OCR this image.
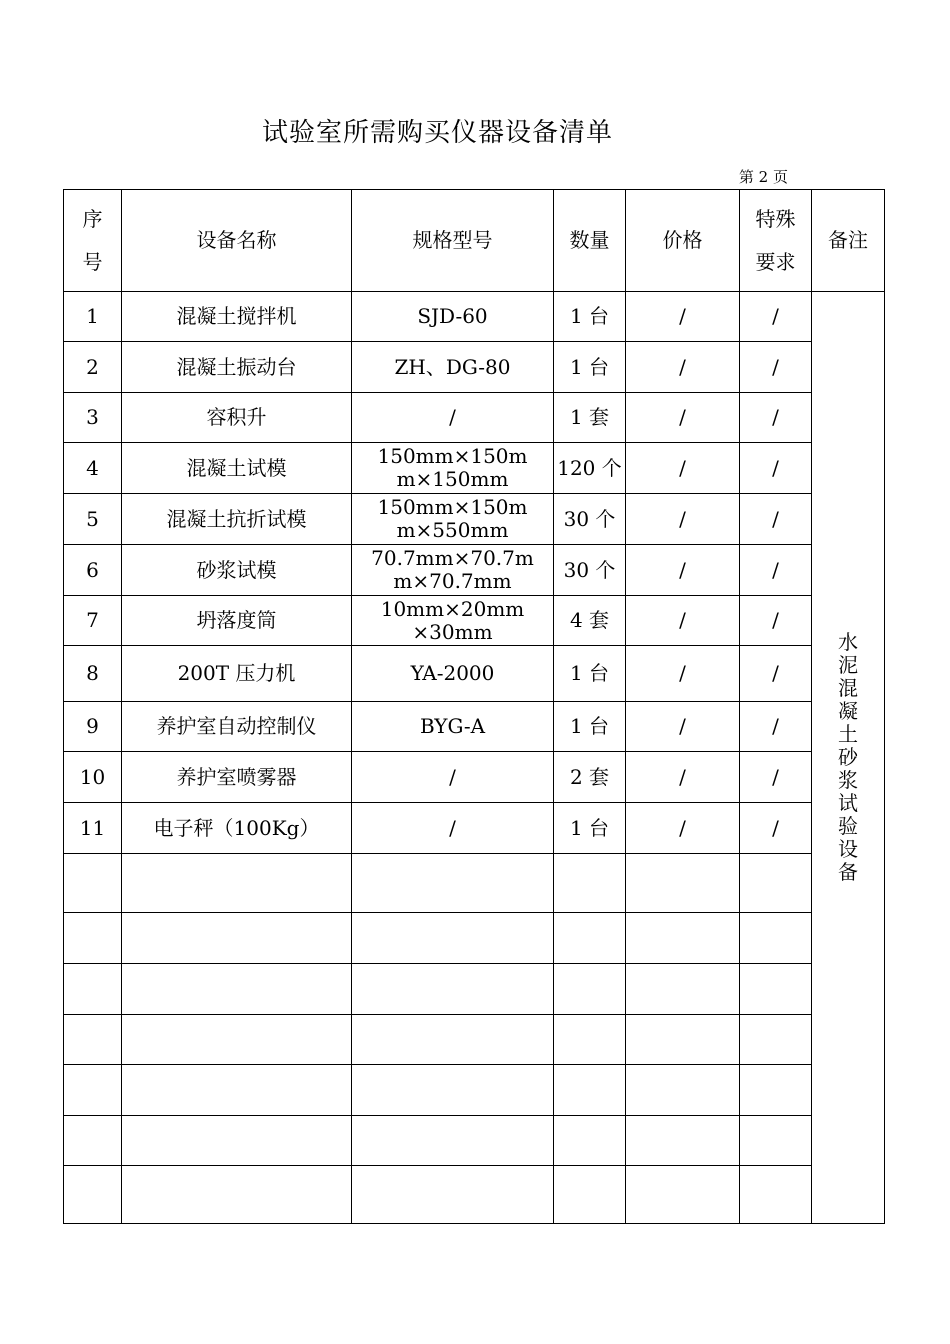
试验室所需购买仪器设备清单
第 2 页
序号	设备名称	规格型号	数量	价格	特殊要求	备注
1	混凝土搅拌机	SJD-60	1 台	/	/	水泥混凝土砂浆试验设备

2	混凝土振动台	ZH、DG-80	1 台	/	/	
3	容积升	/	1 套	/	/	
4	混凝土试模	150mm×150mm×150mm	120 个	/	/	
5	混凝土抗折试模	150mm×150mm×550mm	30 个	/	/	
6	砂浆试模	70.7mm×70.7mm×70.7mm	30 个	/	/	
7	坍落度筒	10mm×20mm×30mm	4 套	/	/	
8	200T 压力机	YA-2000	1 台	/	/	
9	养护室自动控制仪	BYG-A	1 台	/	/	
10	养护室喷雾器	/	2 套	/	/	
11	电子秤（100Kg）	/	1 台	/	/	
